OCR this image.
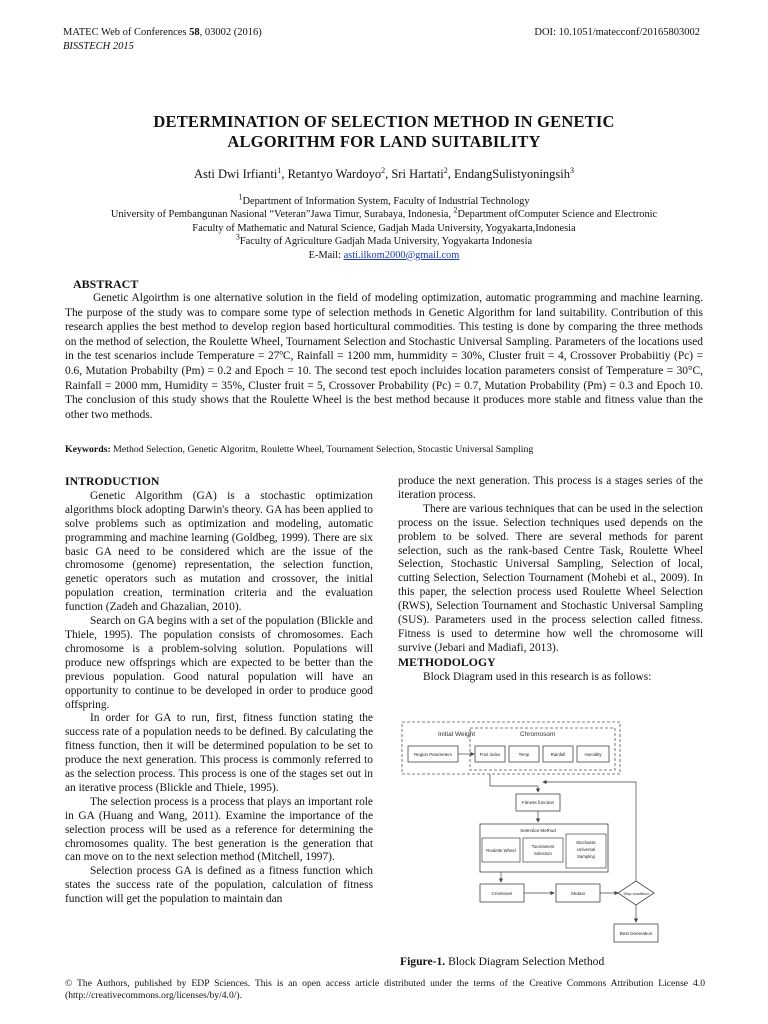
MATEC Web of Conferences 58, 03002 (2016)
BISSTECH 2015
DOI: 10.1051/matecconf/20165803002
DETERMINATION OF SELECTION METHOD IN GENETIC
ALGORITHM FOR LAND SUITABILITY
Asti Dwi Irfianti$^1$, Retantyo Wardoyo$^2$, Sri Hartati$^2$, EndangSulistyoningsih$^3$
$^1$Department of Information System, Faculty of Industrial Technology
University of Pembangunan Nasional “Veteran”Jawa Timur, Surabaya, Indonesia, $^2$Department ofComputer Science and Electronic
Faculty of Mathematic and Natural Science, Gadjah Mada University, Yogyakarta,Indonesia
$^3$Faculty of Agriculture Gadjah Mada University, Yogyakarta Indonesia
E-Mail: asti.ilkom2000@gmail.com
ABSTRACT
Genetic Algoirthm is one alternative solution in the field of modeling optimization, automatic programming and machine learning. The purpose of the study was to compare some type of selection methods in Genetic Algorithm for land suitability. Contribution of this research applies the best method to develop region based horticultural commodities. This testing is done by comparing the three methods on the method of selection, the Roulette Wheel, Tournament Selection and Stochastic Universal Sampling. Parameters of the locations used in the test scenarios include Temperature = 27ºC, Rainfall = 1200 mm, hummidity = 30%, Cluster fruit = 4, Crossover Probabiitiy (Pc) = 0.6, Mutation Probabilty (Pm) = 0.2 and Epoch = 10. The second test epoch incluides location parameters consist of Temperature = 30°C, Rainfall = 2000 mm, Humidity = 35%, Cluster fruit = 5, Crossover Probability (Pc) = 0.7, Mutation Probability (Pm) = 0.3 and Epoch 10. The conclusion of this study shows that the Roulette Wheel is the best method because it produces more stable and fitness value than the other two methods.
Keywords: Method Selection, Genetic Algoritm, Roulette Wheel, Tournament Selection, Stocastic Universal Sampling
INTRODUCTION

Genetic Algorithm (GA) is a stochastic optimization algorithms block adopting Darwin's theory. GA has been applied to solve problems such as optimization and modeling, automatic programming and machine learning (Goldbeg, 1999). There are six basic GA need to be considered which are the issue of the chromosome (genome) representation, the selection function, genetic operators such as mutation and crossover, the initial population creation, termination criteria and the evaluation function (Zadeh and Ghazalian, 2010).

Search on GA begins with a set of the population (Blickle and Thiele, 1995). The population consists of chromosomes. Each chromosome is a problem-solving solution. Populations will produce new offsprings which are expected to be better than the previous population. Good natural population will have an opportunity to continue to be developed in order to produce good offspring.

In order for GA to run, first, fitness function stating the success rate of a population needs to be defined. By calculating the fitness function, then it will be determined population to be set to produce the next generation. This process is commonly referred to as the selection process. This process is one of the stages set out in an iterative process (Blickle and Thiele, 1995).

The selection process is a process that plays an important role in GA (Huang and Wang, 2011). Examine the importance of the selection process will be used as a reference for determining the chromosomes quality. The best generation is the generation that can move on to the next selection method (Mitchell, 1997).

Selection process GA is defined as a fitness function which states the success rate of the population, calculation of fitness function will get the population to maintain dan

produce the next generation. This process is a stages series of the iteration process.

There are various techniques that can be used in the selection process on the issue. Selection techniques used depends on the problem to be solved. There are several methods for parent selection, such as the rank-based Centre Task, Roulette Wheel Selection, Stochastic Universal Sampling, Selection of local, cutting Selection, Selection Tournament (Mohebi et al., 2009). In this paper, the selection process used Roulette Wheel Selection (RWS), Selection Tournament and Stochastic Universal Sampling (SUS). Parameters used in the process selection called fitness. Fitness is used to determine how well the chromosome will survive (Jebari and Madiafi, 2013).

METHODOLOGY

Block Diagram used in this research is as follows:

Initial Weight	Chromosom
Region Parameters	Fruit index	Temp	Rainfall	Humidity
Fitness function
Selection Method
Roulette Wheel
Tournament
Selection
Stochastic
Universal
Sampling
Crossover	Mutasi	Stop condition
Best Generation
Figure-1. Block Diagram Selection Method
© The Authors, published by EDP Sciences. This is an open access article distributed under the terms of the Creative Commons Attribution License 4.0 (http://creativecommons.org/licenses/by/4.0/).
